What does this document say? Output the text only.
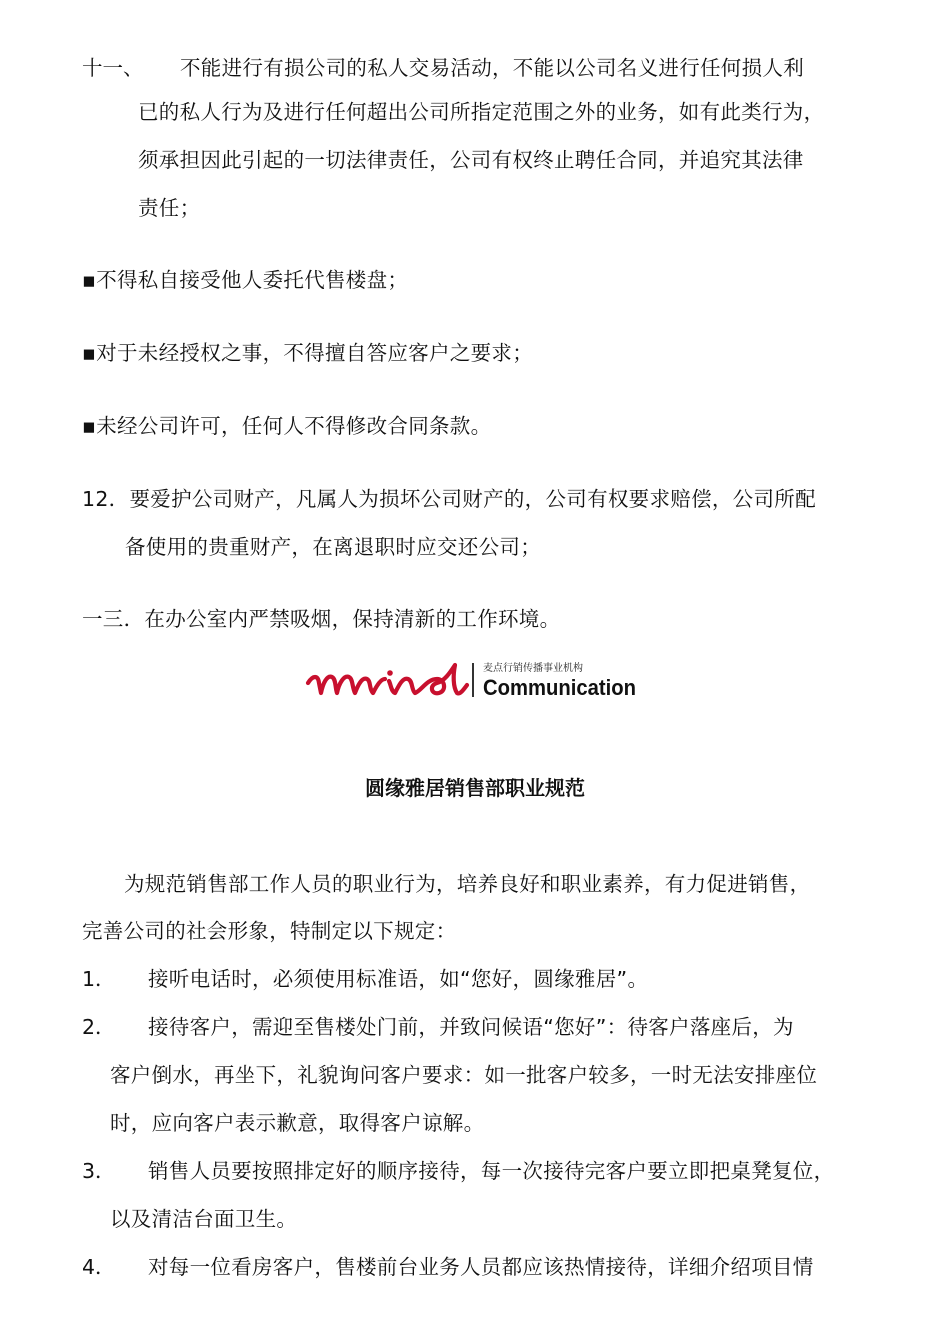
十一、 不能进行有损公司的私人交易活动，不能以公司名义进行任何损人利
已的私人行为及进行任何超出公司所指定范围之外的业务，如有此类行为，
须承担因此引起的一切法律责任，公司有权终止聘任合同，并追究其法律
责任；
▪不得私自接受他人委托代售楼盘；
▪对于未经授权之事，不得擅自答应客户之要求；
▪未经公司许可，任何人不得修改合同条款。
12．要爱护公司财产，凡属人为损坏公司财产的，公司有权要求赔偿，公司所配
备使用的贵重财产，在离退职时应交还公司；
一三．在办公室内严禁吸烟，保持清新的工作环境。
麦点行销传播事业机构
Communication
圆缘雅居销售部职业规范
为规范销售部工作人员的职业行为，培养良好和职业素养，有力促进销售，
完善公司的社会形象，特制定以下规定：
1． 接听电话时，必须使用标准语，如“您好，圆缘雅居”。
2． 接待客户，需迎至售楼处门前，并致问候语“您好”：待客户落座后，为
客户倒水，再坐下，礼貌询问客户要求：如一批客户较多，一时无法安排座位
时，应向客户表示歉意，取得客户谅解。
3． 销售人员要按照排定好的顺序接待，每一次接待完客户要立即把桌凳复位，
以及清洁台面卫生。
4． 对每一位看房客户，售楼前台业务人员都应该热情接待，详细介绍项目情
